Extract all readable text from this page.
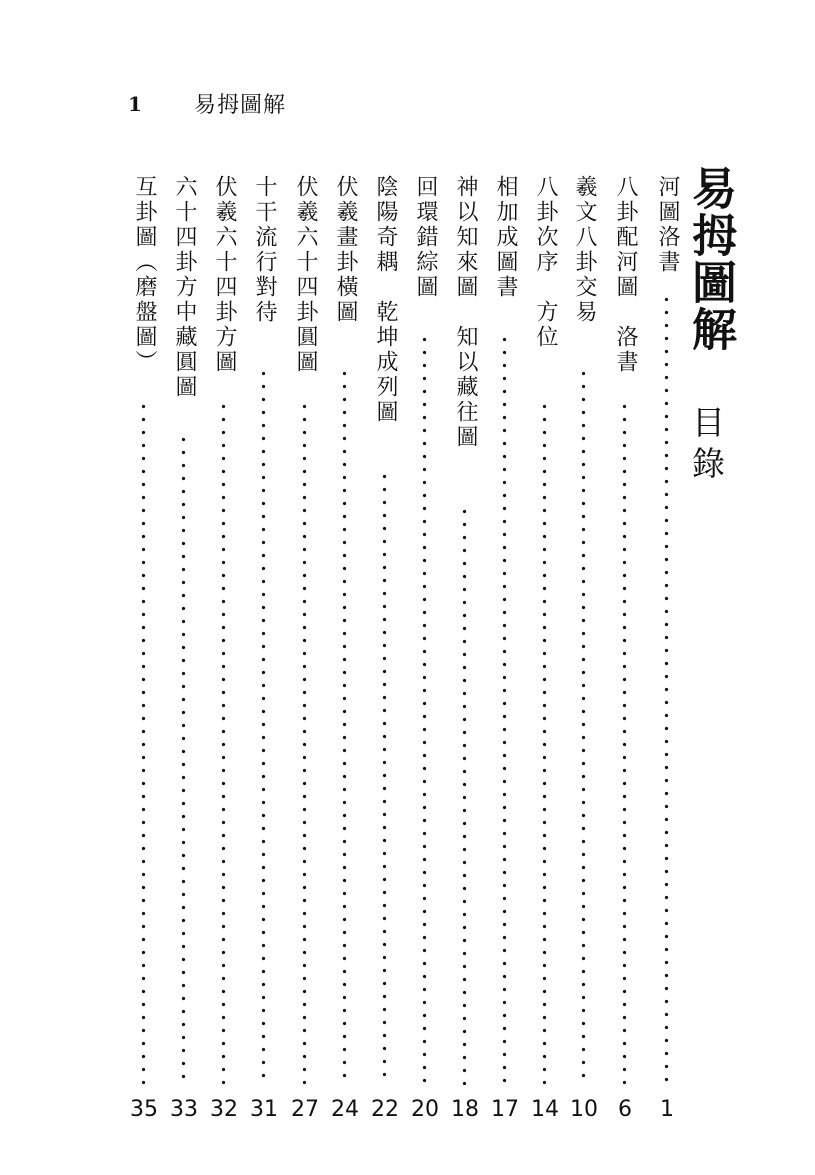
1 易拇圖解
易拇圖解
目錄
河圖洛書
1
八卦配河圖　洛書
6
羲文八卦交易
10
八卦次序　方位
14
相加成圖書
17
神以知來圖　知以藏往圖
18
回環錯綜圖
20
陰陽奇耦　乾坤成列圖
22
伏羲畫卦橫圖
24
伏羲六十四卦圓圖
27
十干流行對待
31
伏羲六十四卦方圖
32
六十四卦方中藏圓圖
33
互卦圖（磨盤圖）
35
